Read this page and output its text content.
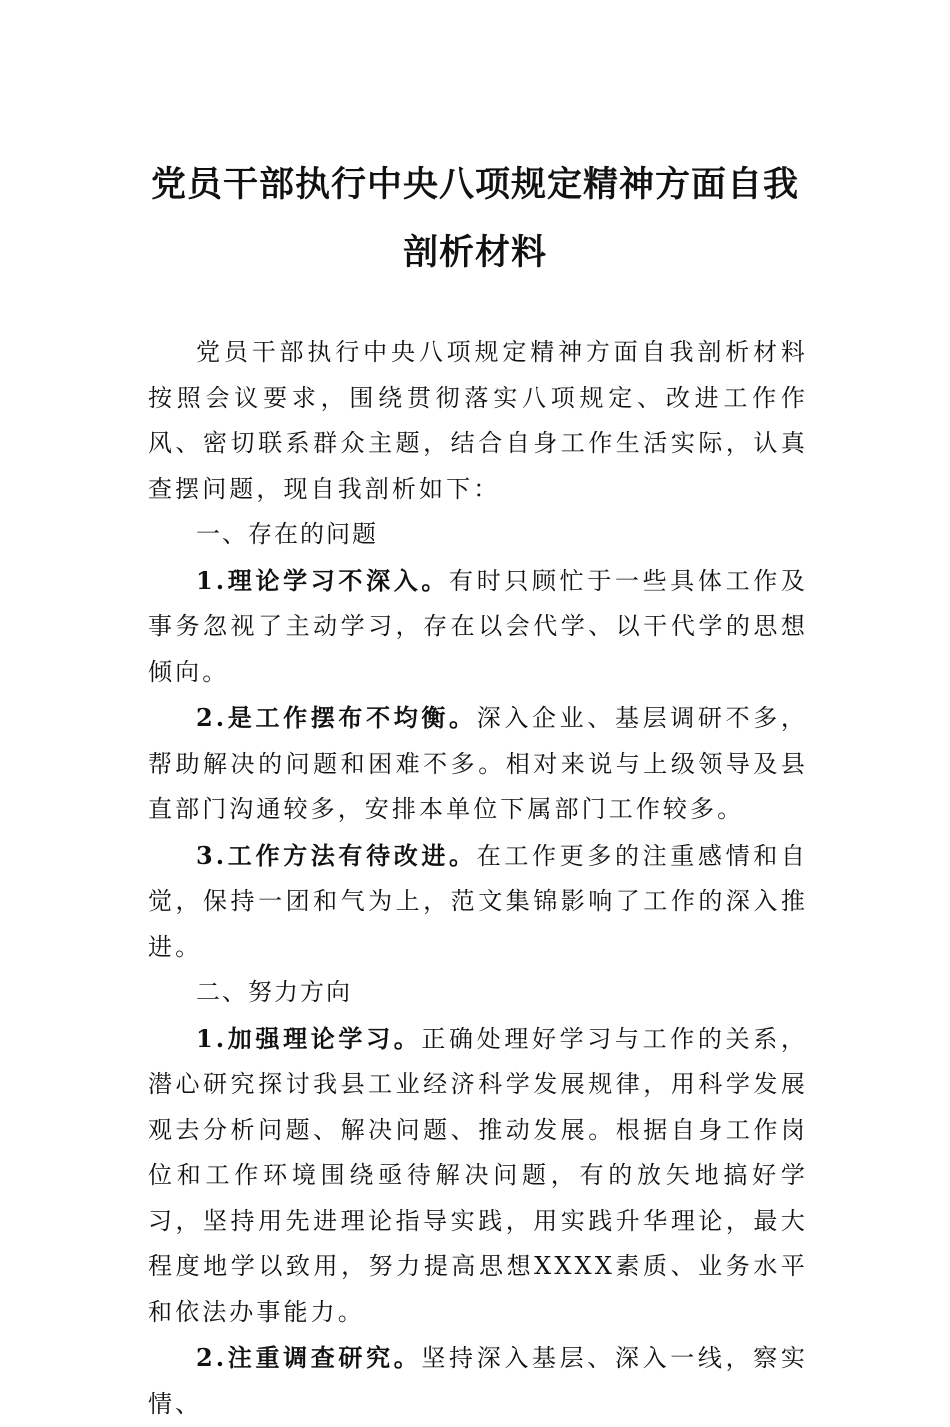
党员干部执行中央八项规定精神方面自我
剖析材料

党员干部执行中央八项规定精神方面自我剖析材料按照会议要求，围绕贯彻落实八项规定、改进工作作风、密切联系群众主题，结合自身工作生活实际，认真查摆问题，现自我剖析如下：

一、存在的问题

1.理论学习不深入。有时只顾忙于一些具体工作及事务忽视了主动学习，存在以会代学、以干代学的思想倾向。

2.是工作摆布不均衡。深入企业、基层调研不多，帮助解决的问题和困难不多。相对来说与上级领导及县直部门沟通较多，安排本单位下属部门工作较多。

3.工作方法有待改进。在工作更多的注重感情和自觉，保持一团和气为上，范文集锦影响了工作的深入推进。

二、努力方向

1.加强理论学习。正确处理好学习与工作的关系，潜心研究探讨我县工业经济科学发展规律，用科学发展观去分析问题、解决问题、推动发展。根据自身工作岗位和工作环境围绕亟待解决问题，有的放矢地搞好学习，坚持用先进理论指导实践，用实践升华理论，最大程度地学以致用，努力提高思想XXXX素质、业务水平和依法办事能力。

2.注重调查研究。坚持深入基层、深入一线，察实情、
